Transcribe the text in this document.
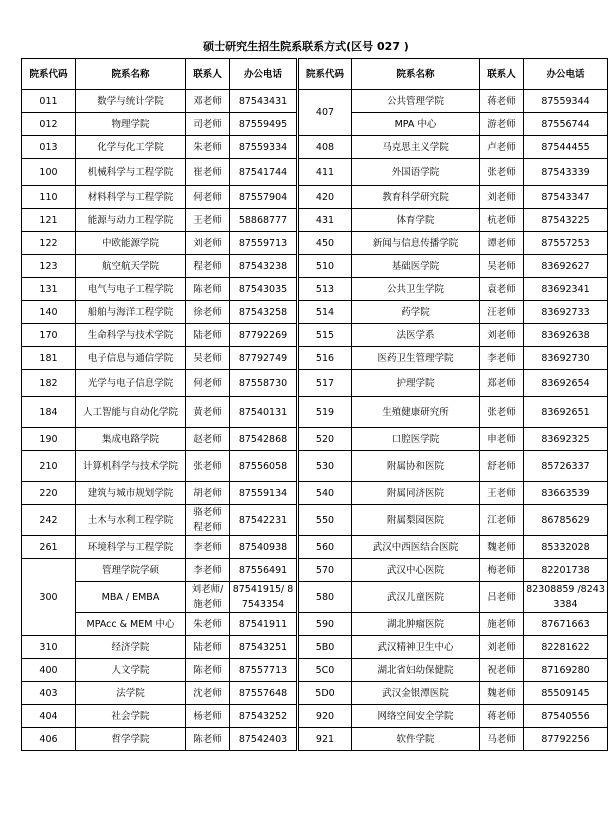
硕士研究生招生院系联系方式(区号 027 )
院系代码	院系名称	联系人	办公电话	院系代码	院系名称	联系人	办公电话
011	数学与统计学院	邓老师	87543431	407	公共管理学院	蒋老师	87559344
012	物理学院	司老师	87559495		MPA 中心	游老师	87556744
013	化学与化工学院	朱老师	87559334	408	马克思主义学院	卢老师	87544455
100	机械科学与工程学院	崔老师	87541744	411	外国语学院	张老师	87543339
110	材料科学与工程学院	何老师	87557904	420	教育科学研究院	刘老师	87543347
121	能源与动力工程学院	王老师	58868777	431	体育学院	杭老师	87543225
122	中欧能源学院	刘老师	87559713	450	新闻与信息传播学院	谭老师	87557253
123	航空航天学院	程老师	87543238	510	基础医学院	吴老师	83692627
131	电气与电子工程学院	陈老师	87543035	513	公共卫生学院	袁老师	83692341
140	船舶与海洋工程学院	徐老师	87543258	514	药学院	汪老师	83692733
170	生命科学与技术学院	陆老师	87792269	515	法医学系	刘老师	83692638
181	电子信息与通信学院	吴老师	87792749	516	医药卫生管理学院	李老师	83692730
182	光学与电子信息学院	何老师	87558730	517	护理学院	郑老师	83692654
184	人工智能与自动化学院	黄老师	87540131	519	生殖健康研究所	张老师	83692651
190	集成电路学院	赵老师	87542868	520	口腔医学院	申老师	83692325
210	计算机科学与技术学院	张老师	87556058	530	附属协和医院	舒老师	85726337
220	建筑与城市规划学院	胡老师	87559134	540	附属同济医院	王老师	83663539
242	土木与水利工程学院	骆老师 程老师	87542231	550	附属梨园医院	江老师	86785629
261	环境科学与工程学院	李老师	87540938	560	武汉中西医结合医院	魏老师	85332028
300	管理学院学硕	李老师	87556491	570	武汉中心医院	梅老师	82201738
	MBA / EMBA	刘老师/施老师	87541915/ 87543354	580	武汉儿童医院	吕老师	82308859 /82433384
	MPAcc & MEM 中心	朱老师	87541911	590	湖北肿瘤医院	施老师	87671663
310	经济学院	陆老师	87543251	5B0	武汉精神卫生中心	刘老师	82281622
400	人文学院	陈老师	87557713	5C0	湖北省妇幼保健院	祝老师	87169280
403	法学院	沈老师	87557648	5D0	武汉金银潭医院	魏老师	85509145
404	社会学院	杨老师	87543252	920	网络空间安全学院	蒋老师	87540556
406	哲学学院	陈老师	87542403	921	软件学院	马老师	87792256
